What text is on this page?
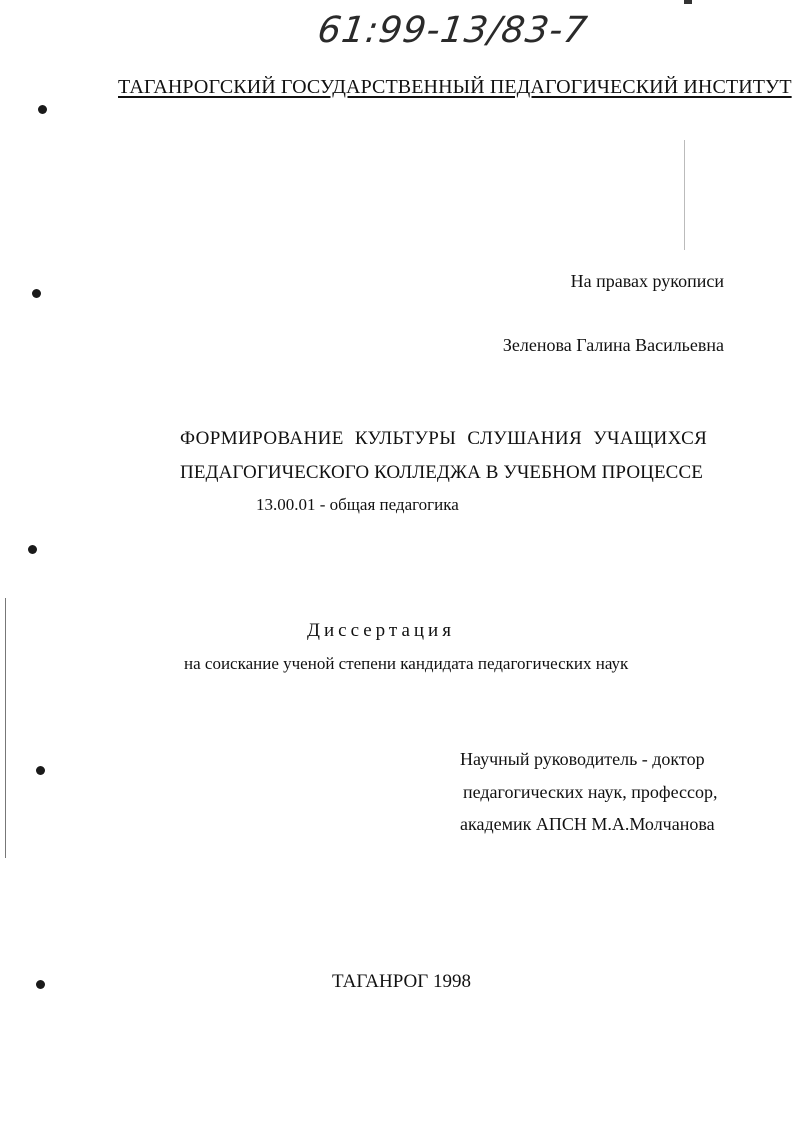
61:99-13/83-7
ТАГАНРОГСКИЙ ГОСУДАРСТВЕННЫЙ ПЕДАГОГИЧЕСКИЙ ИНСТИТУТ
На правах рукописи
Зеленова Галина Васильевна
ФОРМИРОВАНИЕ КУЛЬТУРЫ СЛУШАНИЯ УЧАЩИХСЯ
ПЕДАГОГИЧЕСКОГО КОЛЛЕДЖА В УЧЕБНОМ ПРОЦЕССЕ
13.00.01 - общая педагогика
Диссертация
на соискание ученой степени кандидата педагогических наук
Научный руководитель - доктор
педагогических наук, профессор,
академик АПСН М.А.Молчанова
ТАГАНРОГ 1998
